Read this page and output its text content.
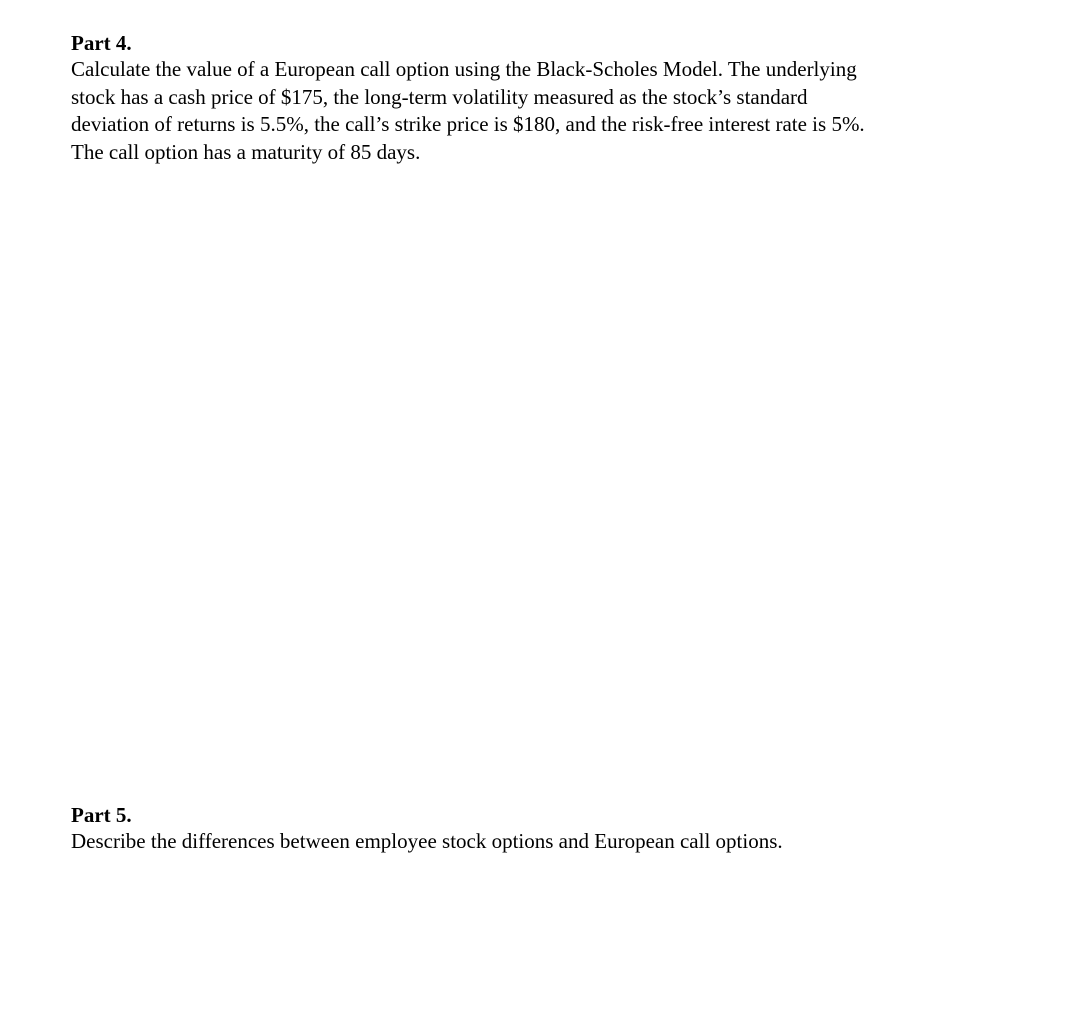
Part 4.

Calculate the value of a European call option using the Black-Scholes Model. The underlying
stock has a cash price of $175, the long-term volatility measured as the stock’s standard
deviation of returns is 5.5%, the call’s strike price is $180, and the risk-free interest rate is 5%.
The call option has a maturity of 85 days.

Part 5.

Describe the differences between employee stock options and European call options.
